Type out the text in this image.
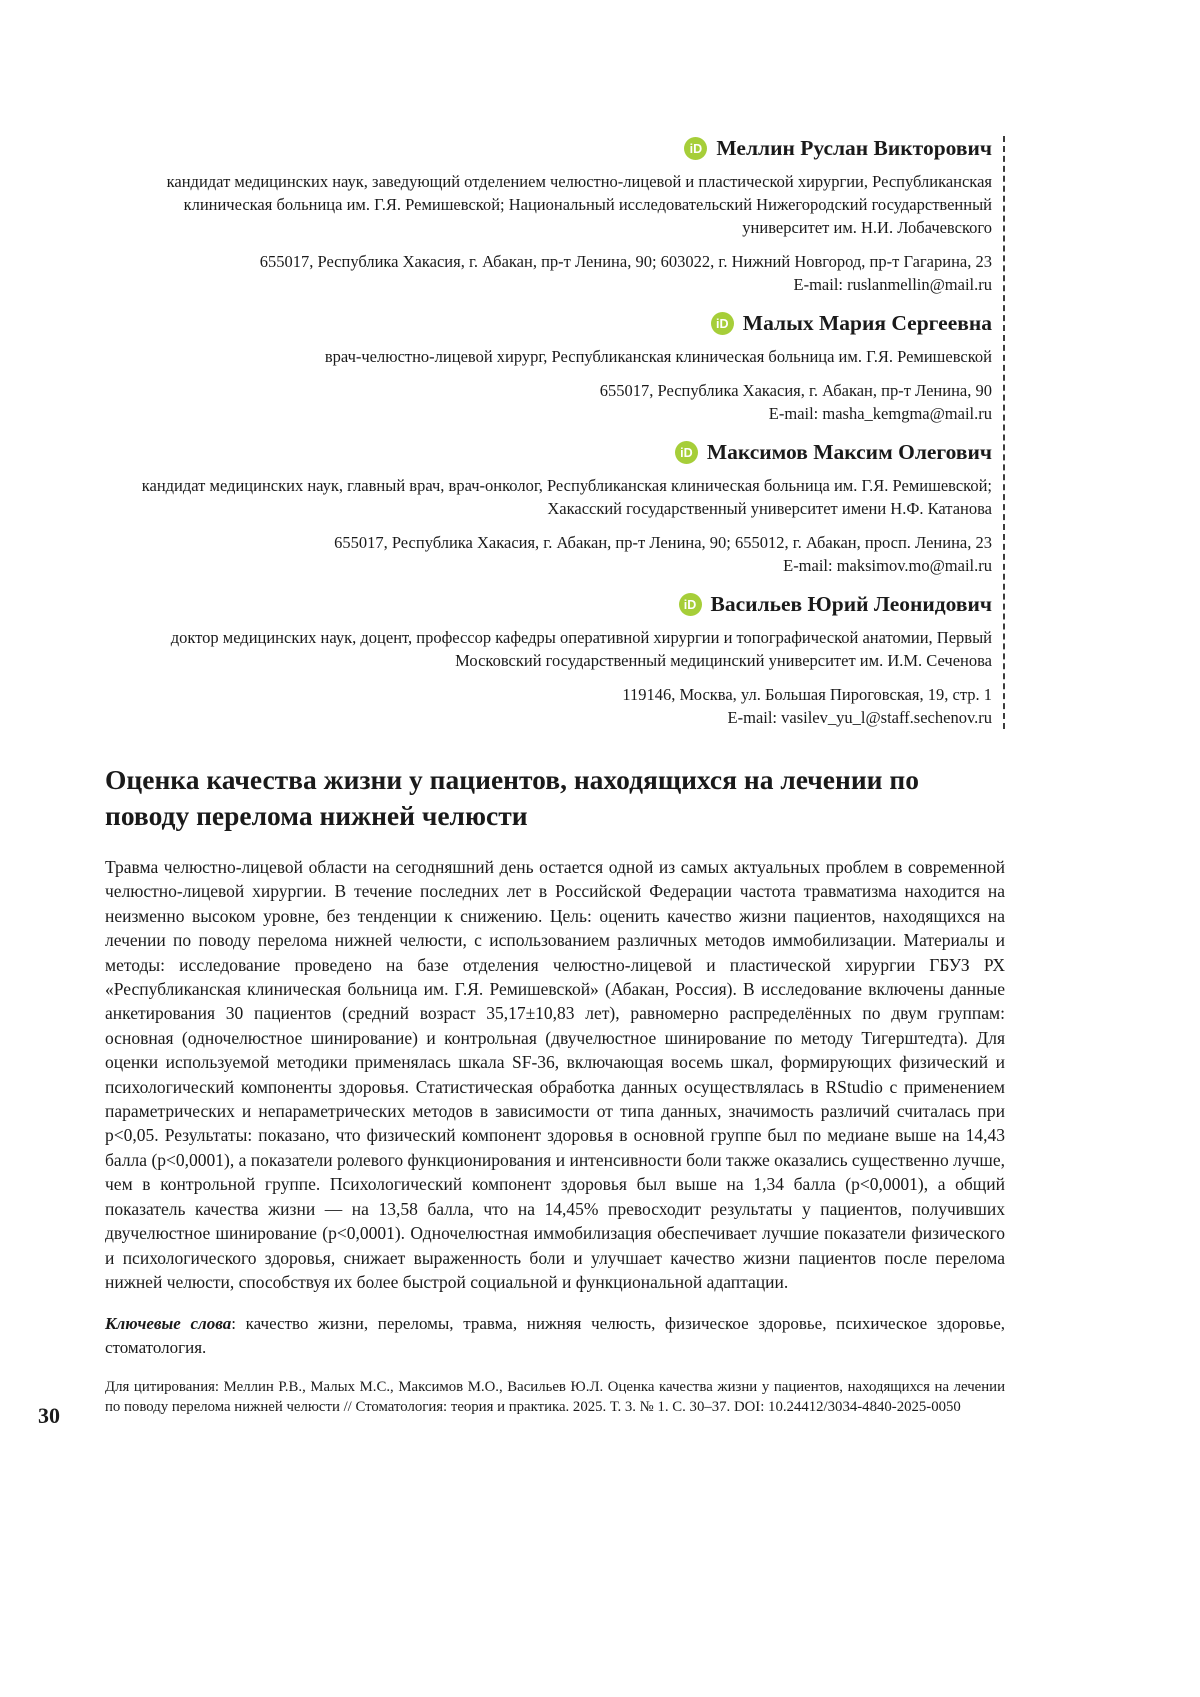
iD Меллин Руслан Викторович
кандидат медицинских наук, заведующий отделением челюстно-лицевой и пластической хирургии, Республиканская клиническая больница им. Г.Я. Ремишевской; Национальный исследовательский Нижегородский государственный университет им. Н.И. Лобачевского
655017, Республика Хакасия, г. Абакан, пр-т Ленина, 90; 603022, г. Нижний Новгород, пр-т Гагарина, 23
E-mail: ruslanmellin@mail.ru
iD Малых Мария Сергеевна
врач-челюстно-лицевой хирург, Республиканская клиническая больница им. Г.Я. Ремишевской
655017, Республика Хакасия, г. Абакан, пр-т Ленина, 90
E-mail: masha_kemgma@mail.ru
iD Максимов Максим Олегович
кандидат медицинских наук, главный врач, врач-онколог, Республиканская клиническая больница им. Г.Я. Ремишевской; Хакасский государственный университет имени Н.Ф. Катанова
655017, Республика Хакасия, г. Абакан, пр-т Ленина, 90; 655012, г. Абакан, просп. Ленина, 23
E-mail: maksimov.mo@mail.ru
iD Васильев Юрий Леонидович
доктор медицинских наук, доцент, профессор кафедры оперативной хирургии и топографической анатомии, Первый Московский государственный медицинский университет им. И.М. Сеченова
119146, Москва, ул. Большая Пироговская, 19, стр. 1
E-mail: vasilev_yu_l@staff.sechenov.ru
Оценка качества жизни у пациентов, находящихся на лечении по поводу перелома нижней челюсти

Травма челюстно-лицевой области на сегодняшний день остается одной из самых актуальных проблем в современной челюстно-лицевой хирургии. В течение последних лет в Российской Федерации частота травматизма находится на неизменно высоком уровне, без тенденции к снижению. Цель: оценить качество жизни пациентов, находящихся на лечении по поводу перелома нижней челюсти, с использованием различных методов иммобилизации. Материалы и методы: исследование проведено на базе отделения челюстно-лицевой и пластической хирургии ГБУЗ РХ «Республиканская клиническая больница им. Г.Я. Ремишевской» (Абакан, Россия). В исследование включены данные анкетирования 30 пациентов (средний возраст 35,17±10,83 лет), равномерно распределённых по двум группам: основная (одночелюстное шинирование) и контрольная (двучелюстное шинирование по методу Тигерштедта). Для оценки используемой методики применялась шкала SF-36, включающая восемь шкал, формирующих физический и психологический компоненты здоровья. Статистическая обработка данных осуществлялась в RStudio с применением параметрических и непараметрических методов в зависимости от типа данных, значимость различий считалась при p<0,05. Результаты: показано, что физический компонент здоровья в основной группе был по медиане выше на 14,43 балла (p<0,0001), а показатели ролевого функционирования и интенсивности боли также оказались существенно лучше, чем в контрольной группе. Психологический компонент здоровья был выше на 1,34 балла (p<0,0001), а общий показатель качества жизни — на 13,58 балла, что на 14,45% превосходит результаты у пациентов, получивших двучелюстное шинирование (p<0,0001). Одночелюстная иммобилизация обеспечивает лучшие показатели физического и психологического здоровья, снижает выраженность боли и улучшает качество жизни пациентов после перелома нижней челюсти, способствуя их более быстрой социальной и функциональной адаптации.

Ключевые слова: качество жизни, переломы, травма, нижняя челюсть, физическое здоровье, психическое здоровье, стоматология.

Для цитирования: Меллин Р.В., Малых М.С., Максимов М.О., Васильев Ю.Л. Оценка качества жизни у пациентов, находящихся на лечении по поводу перелома нижней челюсти // Стоматология: теория и практика. 2025. Т. 3. № 1. С. 30–37. DOI: 10.24412/3034-4840-2025-0050

30
